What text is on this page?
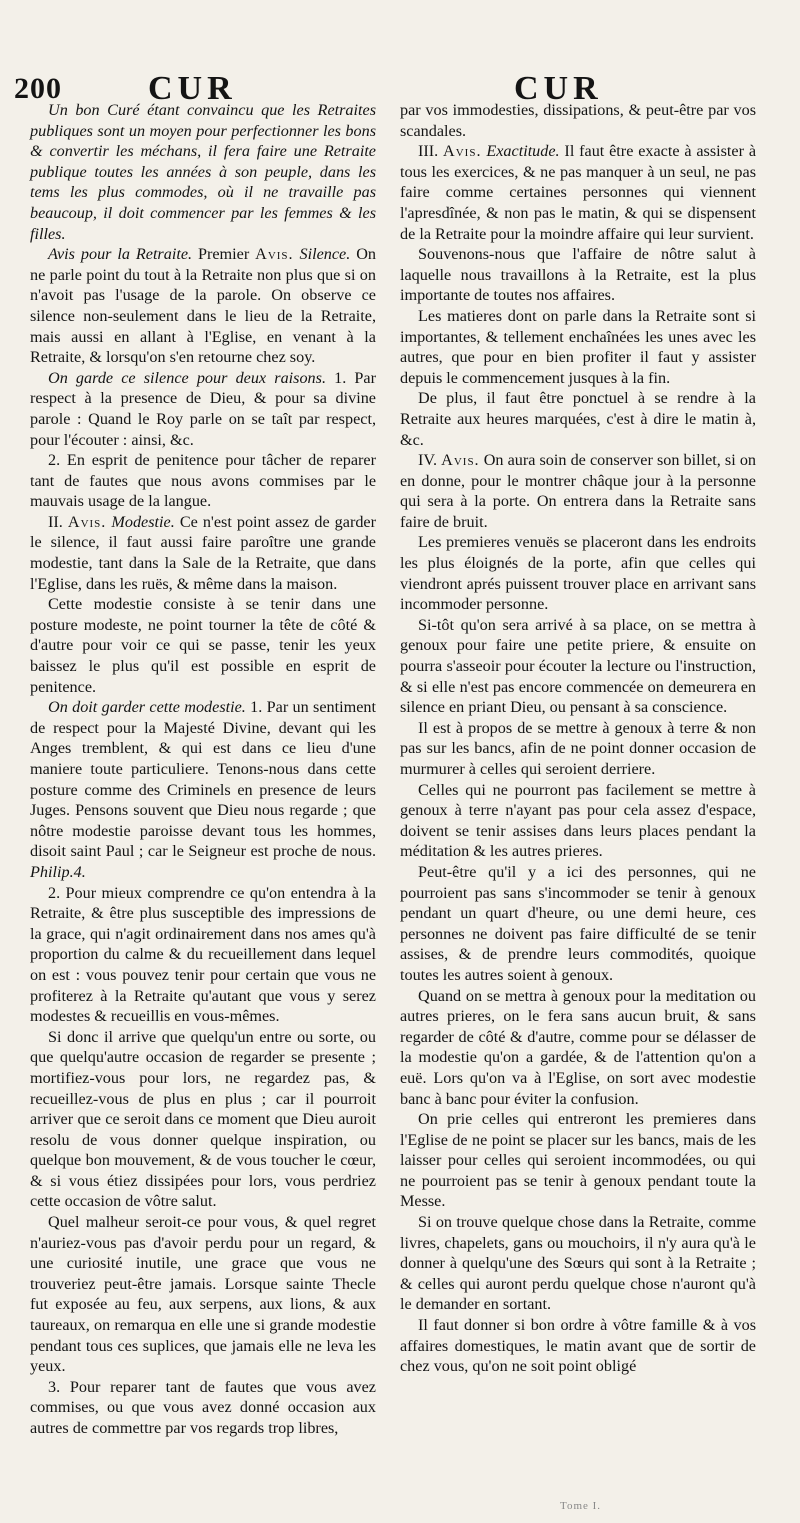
200	CUR	CUR

Un bon Curé étant convaincu que les Retraites publiques sont un moyen pour perfectionner les bons & convertir les méchans, il fera faire une Retraite publique toutes les années à son peuple, dans les tems les plus commodes, où il ne travaille pas beaucoup, il doit commencer par les femmes & les filles.

Avis pour la Retraite. Premier Avis. Silence. On ne parle point du tout à la Retraite non plus que si on n'avoit pas l'usage de la parole. On observe ce silence non-seulement dans le lieu de la Retraite, mais aussi en allant à l'Eglise, en venant à la Retraite, & lorsqu'on s'en retourne chez soy.

On garde ce silence pour deux raisons. 1. Par respect à la presence de Dieu, & pour sa divine parole : Quand le Roy parle on se taît par respect, pour l'écouter : ainsi, &c.

2. En esprit de penitence pour tâcher de reparer tant de fautes que nous avons commises par le mauvais usage de la langue.

II. Avis. Modestie. Ce n'est point assez de garder le silence, il faut aussi faire paroître une grande modestie, tant dans la Sale de la Retraite, que dans l'Eglise, dans les ruës, & même dans la maison.

Cette modestie consiste à se tenir dans une posture modeste, ne point tourner la tête de côté & d'autre pour voir ce qui se passe, tenir les yeux baissez le plus qu'il est possible en esprit de penitence.

On doit garder cette modestie. 1. Par un sentiment de respect pour la Majesté Divine, devant qui les Anges tremblent, & qui est dans ce lieu d'une maniere toute particuliere. Tenons-nous dans cette posture comme des Criminels en presence de leurs Juges. Pensons souvent que Dieu nous regarde ; que nôtre modestie paroisse devant tous les hommes, disoit saint Paul ; car le Seigneur est proche de nous. Philip.4.

2. Pour mieux comprendre ce qu'on entendra à la Retraite, & être plus susceptible des impressions de la grace, qui n'agit ordinairement dans nos ames qu'à proportion du calme & du recueillement dans lequel on est : vous pouvez tenir pour certain que vous ne profiterez à la Retraite qu'autant que vous y serez modestes & recueillis en vous-mêmes.

Si donc il arrive que quelqu'un entre ou sorte, ou que quelqu'autre occasion de regarder se presente ; mortifiez-vous pour lors, ne regardez pas, & recueillez-vous de plus en plus ; car il pourroit arriver que ce seroit dans ce moment que Dieu auroit resolu de vous donner quelque inspiration, ou quelque bon mouvement, & de vous toucher le cœur, & si vous étiez dissipées pour lors, vous perdriez cette occasion de vôtre salut.

Quel malheur seroit-ce pour vous, & quel regret n'auriez-vous pas d'avoir perdu pour un regard, & une curiosité inutile, une grace que vous ne trouveriez peut-être jamais. Lorsque sainte Thecle fut exposée au feu, aux serpens, aux lions, & aux taureaux, on remarqua en elle une si grande modestie pendant tous ces suplices, que jamais elle ne leva les yeux.

3. Pour reparer tant de fautes que vous avez commises, ou que vous avez donné occasion aux autres de commettre par vos regards trop libres,

par vos immodesties, dissipations, & peut-être par vos scandales.

III. Avis. Exactitude. Il faut être exacte à assister à tous les exercices, & ne pas manquer à un seul, ne pas faire comme certaines personnes qui viennent l'apresdînée, & non pas le matin, & qui se dispensent de la Retraite pour la moindre affaire qui leur survient.

Souvenons-nous que l'affaire de nôtre salut à laquelle nous travaillons à la Retraite, est la plus importante de toutes nos affaires.

Les matieres dont on parle dans la Retraite sont si importantes, & tellement enchaînées les unes avec les autres, que pour en bien profiter il faut y assister depuis le commencement jusques à la fin.

De plus, il faut être ponctuel à se rendre à la Retraite aux heures marquées, c'est à dire le matin à, &c.

IV. Avis. On aura soin de conserver son billet, si on en donne, pour le montrer châque jour à la personne qui sera à la porte. On entrera dans la Retraite sans faire de bruit.

Les premieres venuës se placeront dans les endroits les plus éloignés de la porte, afin que celles qui viendront aprés puissent trouver place en arrivant sans incommoder personne.

Si-tôt qu'on sera arrivé à sa place, on se mettra à genoux pour faire une petite priere, & ensuite on pourra s'asseoir pour écouter la lecture ou l'instruction, & si elle n'est pas encore commencée on demeurera en silence en priant Dieu, ou pensant à sa conscience.

Il est à propos de se mettre à genoux à terre & non pas sur les bancs, afin de ne point donner occasion de murmurer à celles qui seroient derriere.

Celles qui ne pourront pas facilement se mettre à genoux à terre n'ayant pas pour cela assez d'espace, doivent se tenir assises dans leurs places pendant la méditation & les autres prieres.

Peut-être qu'il y a ici des personnes, qui ne pourroient pas sans s'incommoder se tenir à genoux pendant un quart d'heure, ou une demi heure, ces personnes ne doivent pas faire difficulté de se tenir assises, & de prendre leurs commodités, quoique toutes les autres soient à genoux.

Quand on se mettra à genoux pour la meditation ou autres prieres, on le fera sans aucun bruit, & sans regarder de côté & d'autre, comme pour se délasser de la modestie qu'on a gardée, & de l'attention qu'on a euë. Lors qu'on va à l'Eglise, on sort avec modestie banc à banc pour éviter la confusion.

On prie celles qui entreront les premieres dans l'Eglise de ne point se placer sur les bancs, mais de les laisser pour celles qui seroient incommodées, ou qui ne pourroient pas se tenir à genoux pendant toute la Messe.

Si on trouve quelque chose dans la Retraite, comme livres, chapelets, gans ou mouchoirs, il n'y aura qu'à le donner à quelqu'une des Sœurs qui sont à la Retraite ; & celles qui auront perdu quelque chose n'auront qu'à le demander en sortant.

Il faut donner si bon ordre à vôtre famille & à vos affaires domestiques, le matin avant que de sortir de chez vous, qu'on ne soit point obligé

Tome I.
